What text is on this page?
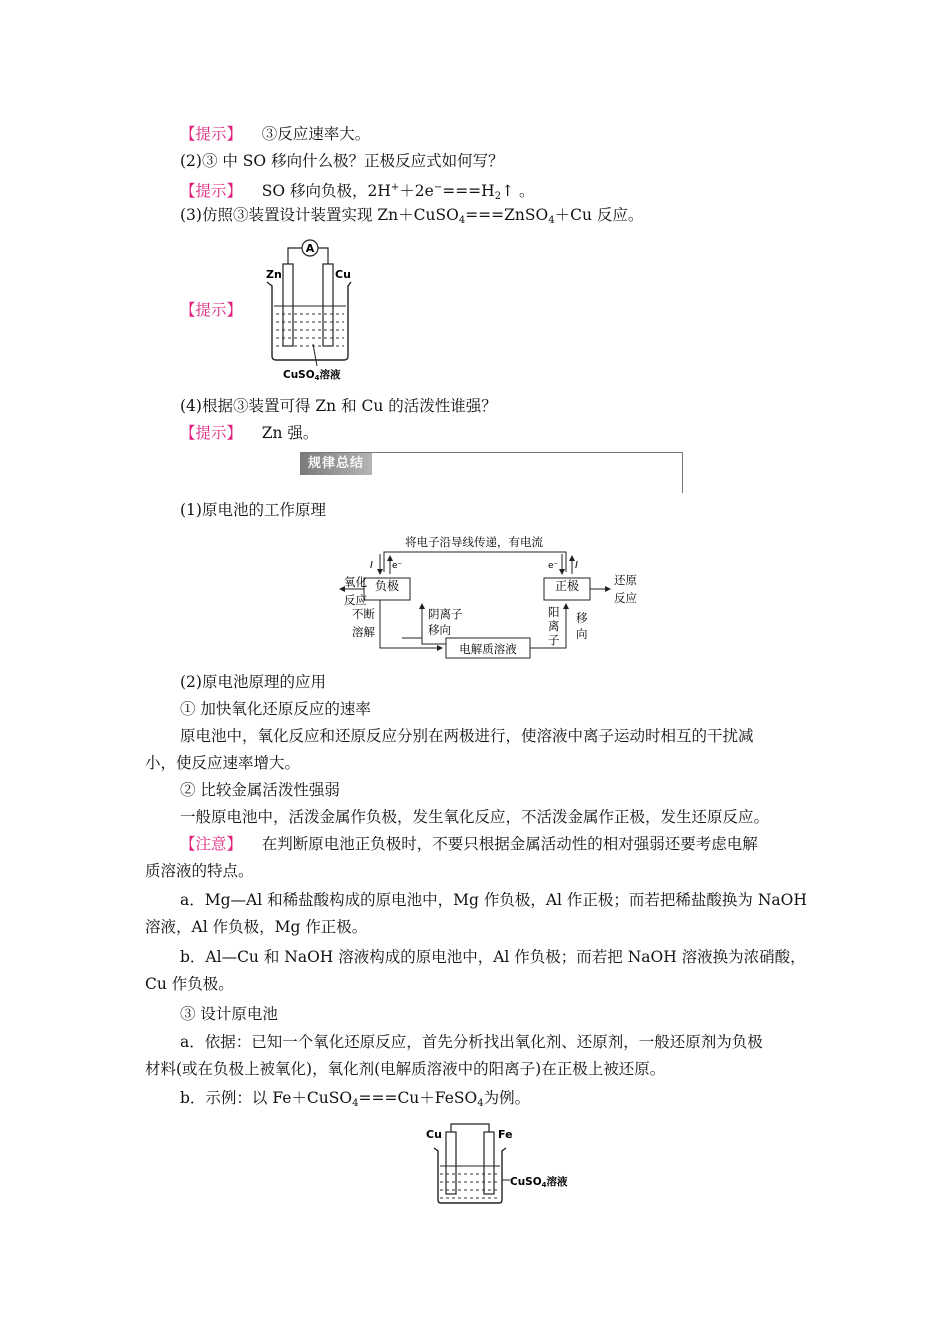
【提示】 ③反应速率大。
(2)③ 中 SO 移向什么极？正极反应式如何写？
【提示】 SO 移向负极，$2H^++2e^-===H_2↑$ 。
(3)仿照③装置设计装置实现 Zn＋CuSO$_4$===ZnSO$_4$＋Cu 反应。
【提示】
A
Zn	Cu
CuSO4溶液
(4)根据③装置可得 Zn 和 Cu 的活泼性谁强？
【提示】 Zn 强。
规律总结
(1)原电池的工作原理
将电子沿导线传递，有电流
负极	正极
I e⁻	e⁻ I
氧化
反应
还原
反应
不断
溶解
阴离子
移向
阳
离
子
移
向
电解质溶液
(2)原电池原理的应用
① 加快氧化还原反应的速率
原电池中，氧化反应和还原反应分别在两极进行，使溶液中离子运动时相互的干扰减
小，使反应速率增大。
② 比较金属活泼性强弱
一般原电池中，活泼金属作负极，发生氧化反应，不活泼金属作正极，发生还原反应。
【注意】 在判断原电池正负极时，不要只根据金属活动性的相对强弱还要考虑电解
质溶液的特点。
a．Mg—Al 和稀盐酸构成的原电池中，Mg 作负极，Al 作正极；而若把稀盐酸换为 NaOH
溶液，Al 作负极，Mg 作正极。
b．Al—Cu 和 NaOH 溶液构成的原电池中，Al 作负极；而若把 NaOH 溶液换为浓硝酸，
Cu 作负极。
③ 设计原电池
a．依据：已知一个氧化还原反应，首先分析找出氧化剂、还原剂，一般还原剂为负极
材料(或在负极上被氧化)，氧化剂(电解质溶液中的阳离子)在正极上被还原。
b．示例：以 Fe＋CuSO$_4$===Cu＋FeSO$_4$为例。
Cu	Fe
CuSO4溶液
